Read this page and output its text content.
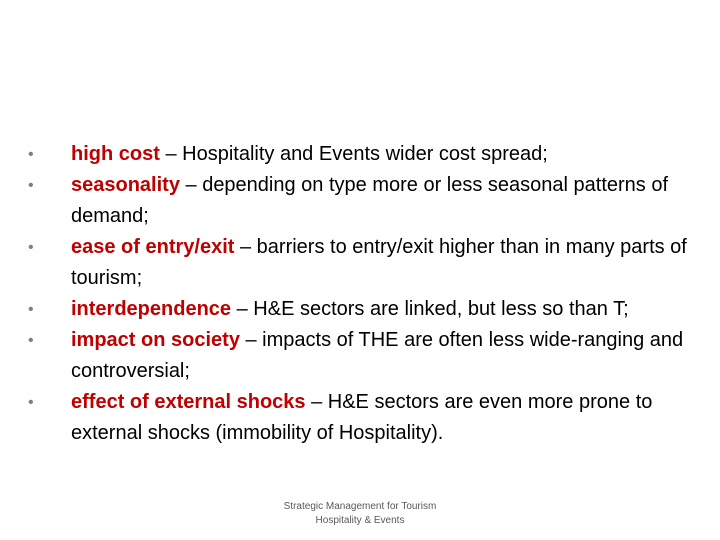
• high cost – Hospitality and Events wider cost spread;
• seasonality – depending on type more or less seasonal patterns of demand;
• ease of entry/exit – barriers to entry/exit higher than in many parts of tourism;
• interdependence – H&E sectors are linked, but less so than T;
• impact on society – impacts of THE are often less wide-ranging and controversial;
• effect of external shocks – H&E sectors are even more prone to external shocks (immobility of Hospitality).
Strategic Management for Tourism
Hospitality & Events
